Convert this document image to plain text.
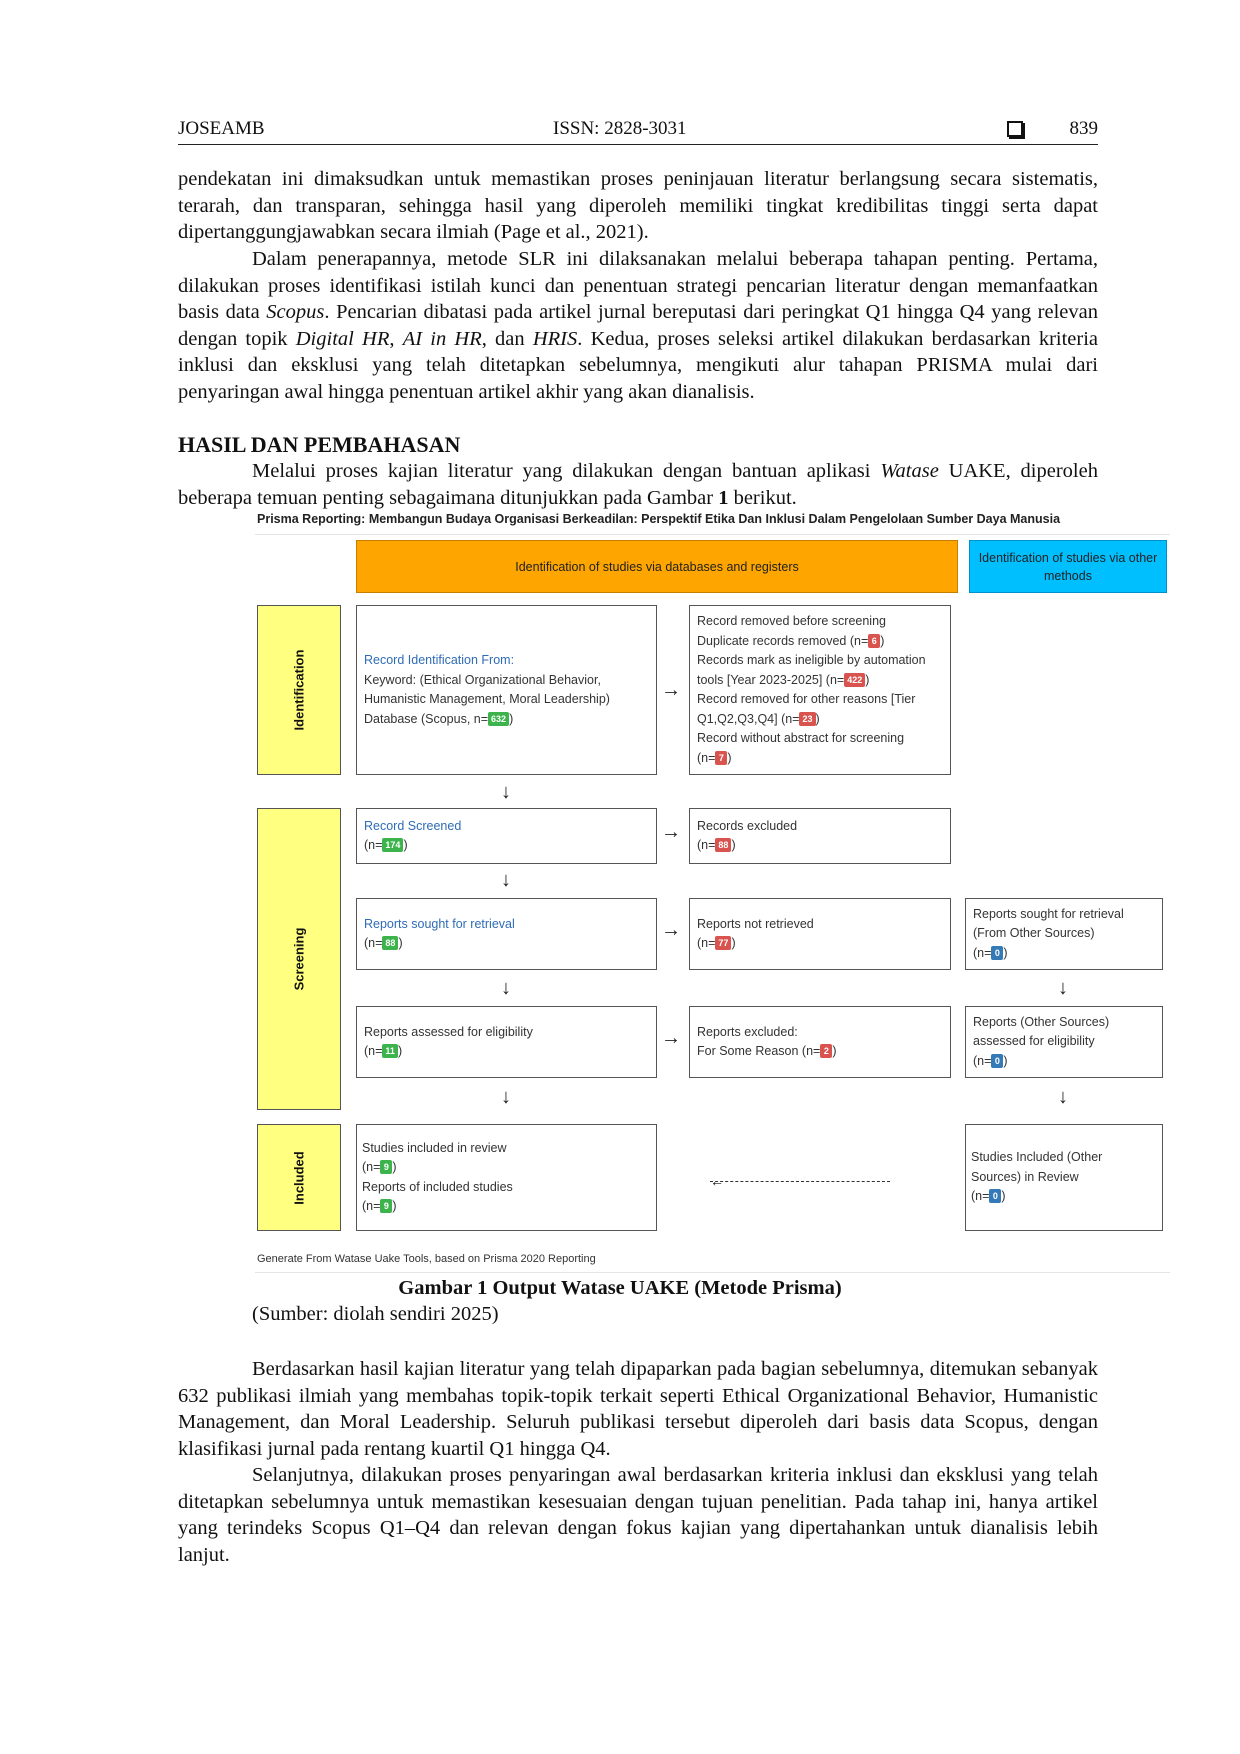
JOSEAMB	ISSN: 2828-3031	839

pendekatan ini dimaksudkan untuk memastikan proses peninjauan literatur berlangsung secara sistematis, terarah, dan transparan, sehingga hasil yang diperoleh memiliki tingkat kredibilitas tinggi serta dapat dipertanggungjawabkan secara ilmiah (Page et al., 2021).

Dalam penerapannya, metode SLR ini dilaksanakan melalui beberapa tahapan penting. Pertama, dilakukan proses identifikasi istilah kunci dan penentuan strategi pencarian literatur dengan memanfaatkan basis data Scopus. Pencarian dibatasi pada artikel jurnal bereputasi dari peringkat Q1 hingga Q4 yang relevan dengan topik Digital HR, AI in HR, dan HRIS. Kedua, proses seleksi artikel dilakukan berdasarkan kriteria inklusi dan eksklusi yang telah ditetapkan sebelumnya, mengikuti alur tahapan PRISMA mulai dari penyaringan awal hingga penentuan artikel akhir yang akan dianalisis.

HASIL DAN PEMBAHASAN

Melalui proses kajian literatur yang dilakukan dengan bantuan aplikasi Watase UAKE, diperoleh beberapa temuan penting sebagaimana ditunjukkan pada Gambar 1 berikut.

Prisma Reporting: Membangun Budaya Organisasi Berkeadilan: Perspektif Etika Dan Inklusi Dalam Pengelolaan Sumber Daya Manusia
Identification of studies via databases and registers
Identification of studies via other methods
Identification
Screening
Included
Record Identification From:
Keyword: (Ethical Organizational Behavior, Humanistic Management, Moral Leadership)
Database (Scopus, n= 632 )
Record removed before screening
Duplicate records removed (n= 6 )
Records mark as ineligible by automation tools [Year 2023-2025] (n= 422 )
Record removed for other reasons [Tier Q1,Q2,Q3,Q4] (n= 23 )
Record without abstract for screening
(n= 7 )
→
↓
Record Screened
(n= 174 )
→ Records excluded
(n= 88 )
↓
Reports sought for retrieval
(n= 88 )
→ Reports not retrieved
(n= 77 )
Reports sought for retrieval (From Other Sources)
(n= 0 )
↓	↓
Reports assessed for eligibility
(n= 11 )
→ Reports excluded:
For Some Reason (n= 2 )
Reports (Other Sources) assessed for eligibility
(n= 0 )
↓	↓
Studies included in review
(n= 9 )
Reports of included studies
(n= 9 )
←
Studies Included (Other Sources) in Review
(n= 0 )
Generate From Watase Uake Tools, based on Prisma 2020 Reporting

Gambar 1 Output Watase UAKE (Metode Prisma)

(Sumber: diolah sendiri 2025)

Berdasarkan hasil kajian literatur yang telah dipaparkan pada bagian sebelumnya, ditemukan sebanyak 632 publikasi ilmiah yang membahas topik-topik terkait seperti Ethical Organizational Behavior, Humanistic Management, dan Moral Leadership. Seluruh publikasi tersebut diperoleh dari basis data Scopus, dengan klasifikasi jurnal pada rentang kuartil Q1 hingga Q4.

Selanjutnya, dilakukan proses penyaringan awal berdasarkan kriteria inklusi dan eksklusi yang telah ditetapkan sebelumnya untuk memastikan kesesuaian dengan tujuan penelitian. Pada tahap ini, hanya artikel yang terindeks Scopus Q1–Q4 dan relevan dengan fokus kajian yang dipertahankan untuk dianalisis lebih lanjut.
